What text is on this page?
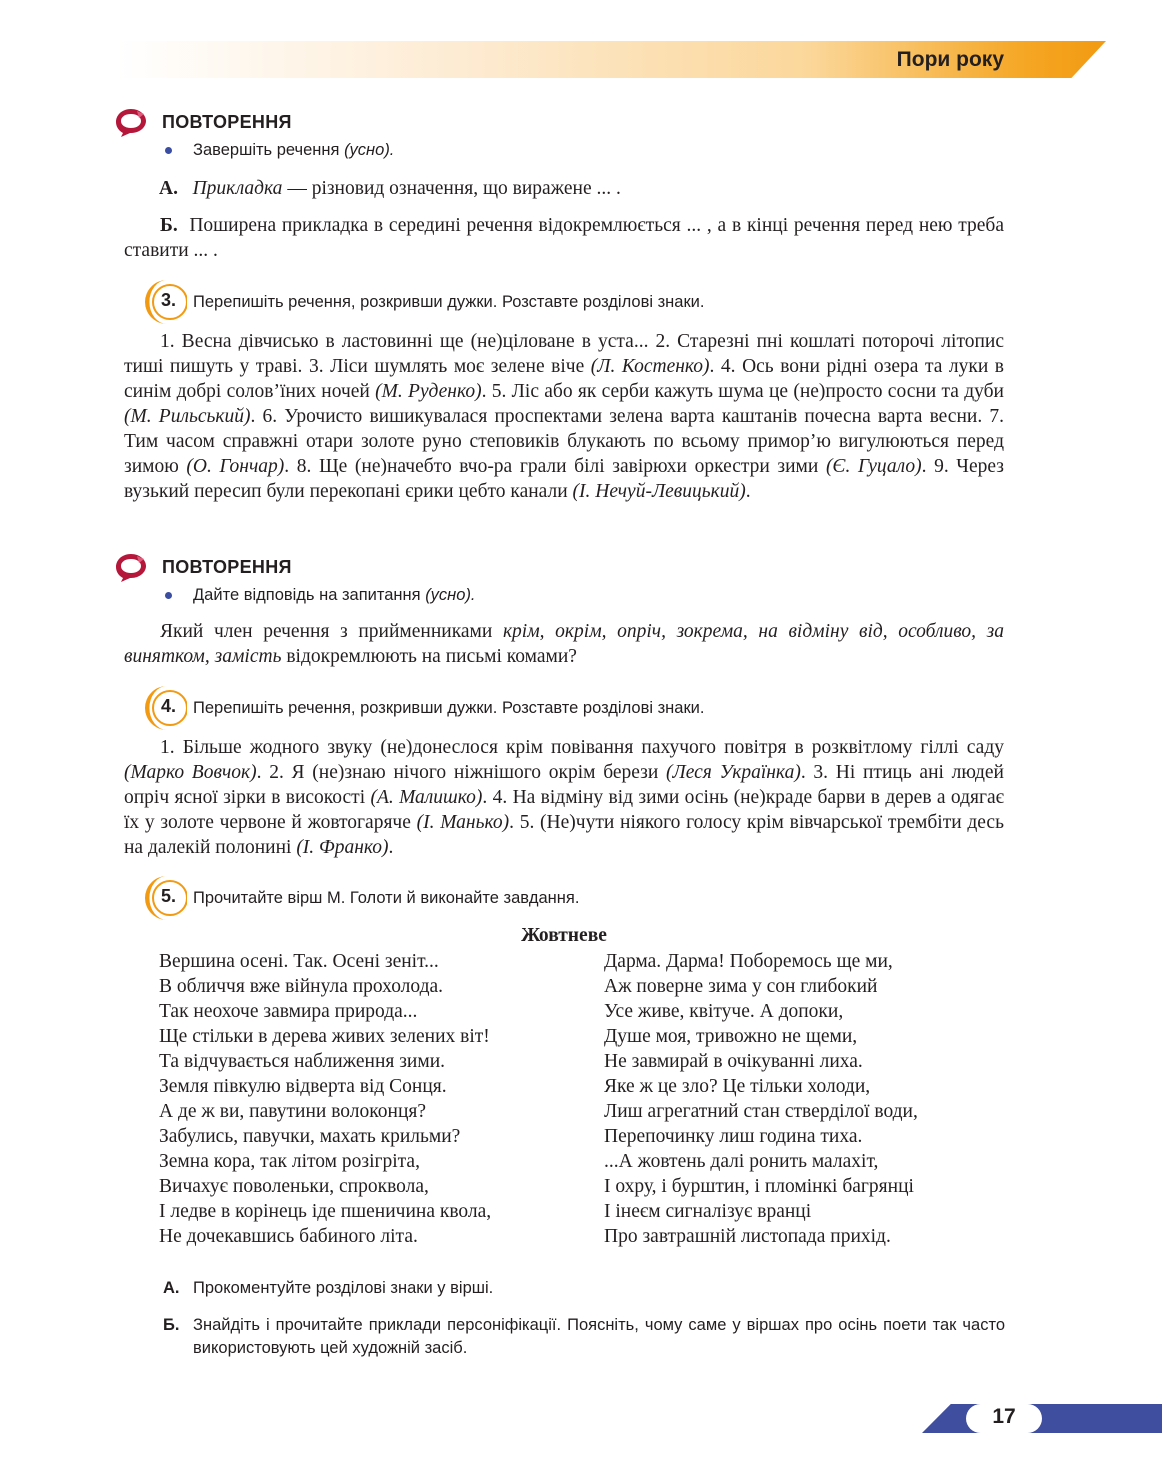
Пори року
ПОВТОРЕННЯ
Завершіть речення
(усно).
А. Прикладка — різновид означення, що виражене ... .
Б. Поширена прикладка в середині речення відокремлюється ... , а в кінці речення перед нею треба ставити ... .
3. Перепишіть речення, розкривши дужки. Розставте розділові знаки.
1. Весна дівчисько в ластовинні ще (не)ціловане в уста... 2. Старезні пні кошлаті поторочі літопис тиші пишуть у траві. 3. Ліси шумлять моє зелене віче (Л. Костенко). 4. Ось вони рідні озера та луки в синім добрі солов’їних ночей (М. Руденко). 5. Ліс або як серби кажуть шума це (не)просто сосни та дуби (М. Рильський). 6. Урочисто вишикувалася проспектами зелена варта каштанів почесна варта весни. 7. Тим часом справжні отари золоте руно степовиків блукають по всьому примор’ю вигулюються перед зимою (О. Гончар). 8. Ще (не)начебто вчо-ра грали білі завірюхи оркестри зими (Є. Гуцало). 9. Через вузький пересип були перекопані єрики цебто канали (І. Нечуй-Левицький).
ПОВТОРЕННЯ
Дайте відповідь на запитання
(усно).
Який член речення з прийменниками крім, окрім, опріч, зокрема, на відміну від, особливо, за винятком, замість відокремлюють на письмі комами?
4. Перепишіть речення, розкривши дужки. Розставте розділові знаки.
1. Більше жодного звуку (не)донеслося крім повівання пахучого повітря в розквітлому гіллі саду (Марко Вовчок). 2. Я (не)знаю нічого ніжнішого окрім берези (Леся Українка). 3. Ні птиць ані людей опріч ясної зірки в високості (А. Малишко). 4. На відміну від зими осінь (не)краде барви в дерев а одягає їх у золоте червоне й жовтогаряче (І. Манько). 5. (Не)чути ніякого голосу крім вівчарської трембіти десь на далекій полонині (І. Франко).
5. Прочитайте вірш М. Голоти й виконайте завдання.
Жовтневе
Вершина осені. Так. Осені зеніт...
В обличчя вже війнула прохолода.
Так неохоче завмира природа...
Ще стільки в дерева живих зелених віт!
Та відчувається наближення зими.
Земля півкулю відверта від Сонця.
А де ж ви, павутини волоконця?
Забулись, павучки, махать крильми?
Земна кора, так літом розігріта,
Вичахує поволеньки, спроквола,
І ледве в корінець іде пшеничина квола,
Не дочекавшись бабиного літа.
Дарма. Дарма! Поборемось ще ми,
Аж поверне зима у сон глибокий
Усе живе, квітуче. А допоки,
Душе моя, тривожно не щеми,
Не завмирай в очікуванні лиха.
Яке ж це зло? Це тільки холоди,
Лиш агрегатний стан ствердiлої води,
Перепочинку лиш година тиха.
...А жовтень далі ронить малахіт,
І охру, і бурштин, і пломінкі багрянці
І інеєм сигналізує вранці
Про завтрашній листопада прихід.
А. Прокоментуйте розділові знаки у вірші.
Б. Знайдіть і прочитайте приклади персоніфікації. Поясніть, чому саме у віршах про осінь поети так часто використовують цей художній засіб.
17
